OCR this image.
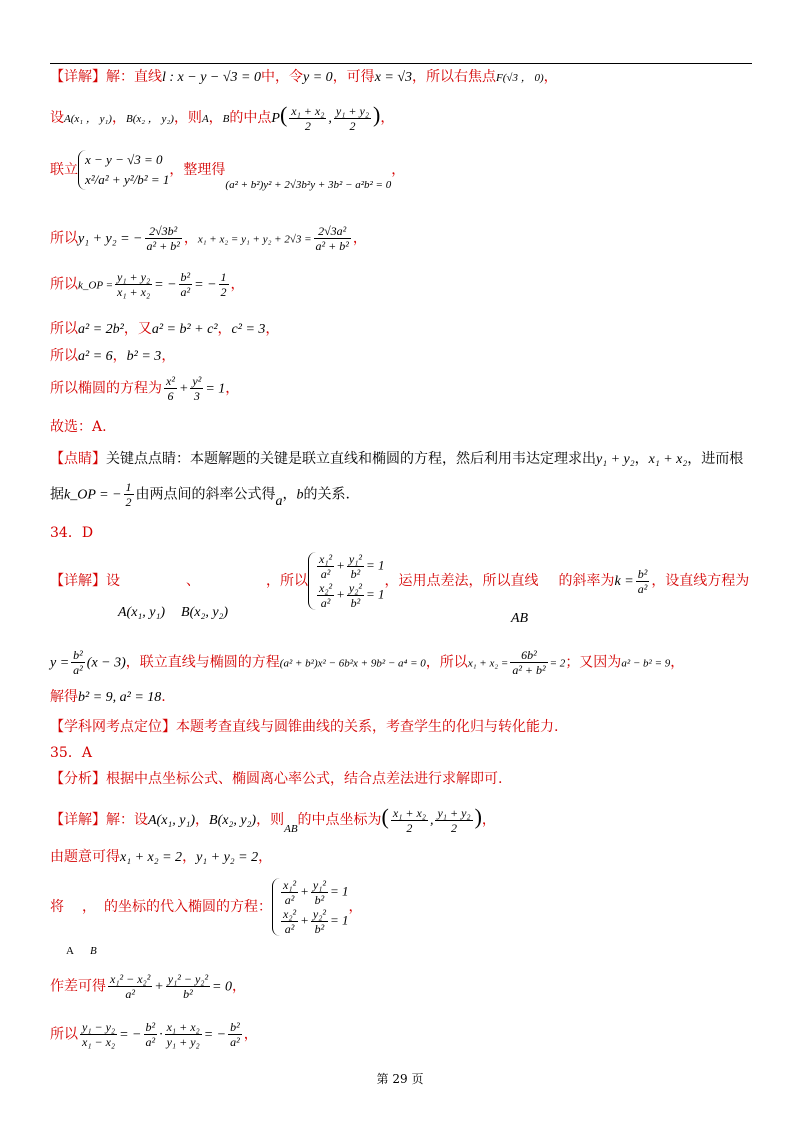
【详解】解：直线l : x − y − √3 = 0中，令y = 0，可得x = √3，所以右焦点F(√3 ， 0)，
设A(x₁ ， y₁)，B(x₂ ， y₂)，则A，B的中点$P( \frac{\text{x₁ + x₂}}{2}$ , $\frac{\text{y₁ + y₂}}{2}$ )，
联立
x − y − √3 = 0
x²/a² + y²/b² = 1
，整理得$_{(a^2 + b^2)y^2 + 2√3b^2y + 3b^2 - a^2b^2 = 0}$，
所以y₁ + y₂ = − $\frac{\text{2√3b²}}{\text{a² + b²}}$ ，$x_1 + x_2 = y_1 + y_2 + 2√3 = \frac{\text{2√3a²}}{\text{a² + b²}}$ ，
所以k_OP = $\frac{\text{y₁ + y₂}}{\text{x₁ + x₂}}$ = − $\frac{\text{b²}}{\text{a²}}$ = − $\frac{1}{2}$ ，
所以a² = 2b²，又a² = b² + c²，c² = 3，
所以a² = 6，b² = 3，
所以椭圆的方程为 $\frac{\text{x²}}{6} + \frac{\text{y²}}{3} = 1$，
故选：A.
【点睛】关键点点睛：本题解题的关键是联立直线和椭圆的方程，然后利用韦达定理求出y₁ + y₂，x₁ + x₂，进而根
据k_OP = − $\frac{1}{2}$ 由两点间的斜率公式得a，b的关系.
34．D
【详解】设	、	，所以 $\frac{\text{x₁²}}{\text{a²}} + \frac{\text{y₁²}}{\text{b²}} = 1$
$\frac{\text{x₂²}}{\text{a²}} + \frac{\text{y₂²}}{\text{b²}} = 1$
，运用点差法，所以直线 的斜率为$k = \frac{\text{b²}}{\text{a²}}$ ，设直线方程为
A(x₁, y₁) B(x₂, y₂)	AB
$y = \frac{\text{b²}}{\text{a²}} (x - 3)$，联立直线与椭圆的方程(a² + b²)x² − 6b²x + 9b² − a⁴ = 0，所以$x_1 + x_2 = \frac{\text{6b²}}{\text{a² + b²}} = 2$；又因为a² − b² = 9，
解得b² = 9, a² = 18.
【学科网考点定位】本题考查直线与圆锥曲线的关系，考查学生的化归与转化能力.
35．A
【分析】根据中点坐标公式、椭圆离心率公式，结合点差法进行求解即可.
【详解】解：设A(x₁, y₁)，B(x₂, y₂)，则$_{AB}$的中点坐标为( $\frac{\text{x₁ + x₂}}{2}$ , $\frac{\text{y₁ + y₂}}{2}$ )，
由题意可得x₁ + x₂ = 2，y₁ + y₂ = 2，
将 ， 的坐标的代入椭圆的方程： $\frac{\text{x₁²}}{\text{a²}} + \frac{\text{y₁²}}{\text{b²}} = 1$
$\frac{\text{x₂²}}{\text{a²}} + \frac{\text{y₂²}}{\text{b²}} = 1$
，
A B
作差可得 $\frac{\text{x₁² − x₂²}}{\text{a²}} + \frac{\text{y₁² − y₂²}}{\text{b²}} = 0$，
所以 $\frac{\text{y₁ − y₂}}{\text{x₁ − x₂}}$ = − $\frac{\text{b²}}{\text{a²}} \cdot \frac{\text{x₁ + x₂}}{\text{y₁ + y₂}}$ = − $\frac{\text{b²}}{\text{a²}}$ ，
第 29 页
